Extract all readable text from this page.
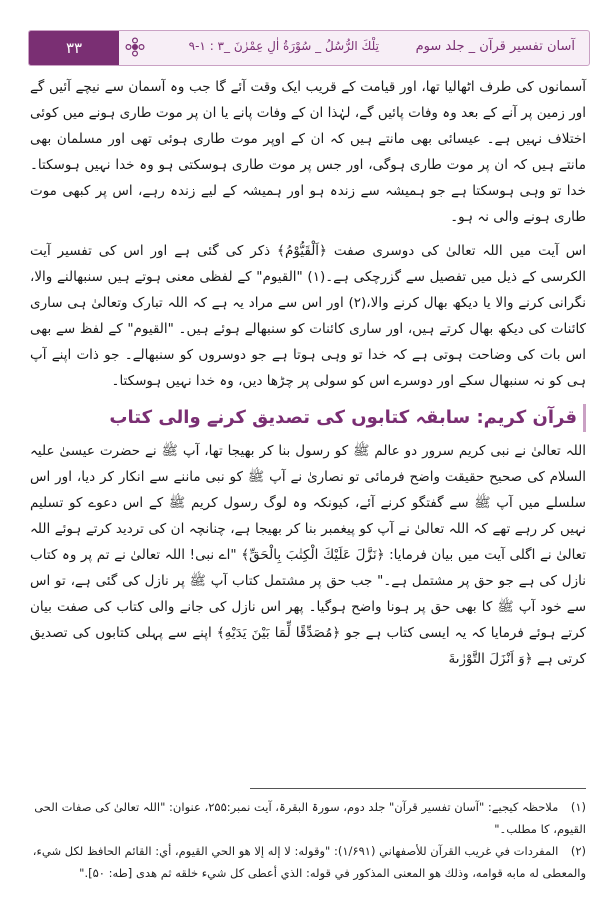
آسان تفسیر قرآن _ جلد سوم
تِلْكَ الرُّسُلُ _ سُوْرَةُ اٰلِ عِمْرٰنَ _۳ : ۱-۹
۳۳

آسمانوں کی طرف اٹھالیا تھا، اور قیامت کے قریب ایک وقت آئے گا جب وہ آسمان سے نیچے آئیں گے اور زمین پر آنے کے بعد وہ وفات پائیں گے، لہٰذا ان کے وفات پانے یا ان پر موت طاری ہونے میں کوئی اختلاف نہیں ہے۔ عیسائی بھی مانتے ہیں کہ ان کے اوپر موت طاری ہوئی تھی اور مسلمان بھی مانتے ہیں کہ ان پر موت طاری ہوگی، اور جس پر موت طاری ہوسکتی ہو وہ خدا نہیں ہوسکتا۔ خدا تو وہی ہوسکتا ہے جو ہمیشہ سے زندہ ہو اور ہمیشہ کے لیے زندہ رہے، اس پر کبھی موت طاری ہونے والی نہ ہو۔

اس آیت میں اللہ تعالیٰ کی دوسری صفت ﴿اَلْقَیُّوْمُ﴾ ذکر کی گئی ہے اور اس کی تفسیر آیت الکرسی کے ذیل میں تفصیل سے گزرچکی ہے۔(۱) "القیوم" کے لفظی معنی ہوتے ہیں سنبھالنے والا، نگرانی کرنے والا یا دیکھ بھال کرنے والا،(۲) اور اس سے مراد یہ ہے کہ اللہ تبارک وتعالیٰ ہی ساری کائنات کی دیکھ بھال کرتے ہیں، اور ساری کائنات کو سنبھالے ہوئے ہیں۔ "القیوم" کے لفظ سے بھی اس بات کی وضاحت ہوتی ہے کہ خدا تو وہی ہوتا ہے جو دوسروں کو سنبھالے۔ جو ذات اپنے آپ ہی کو نہ سنبھال سکے اور دوسرے اس کو سولی پر چڑھا دیں، وہ خدا نہیں ہوسکتا۔

قرآن کریم: سابقہ کتابوں کی تصدیق کرنے والی کتاب

اللہ تعالیٰ نے نبی کریم سرور دو عالم ﷺ کو رسول بنا کر بھیجا تھا، آپ ﷺ نے حضرت عیسیٰ علیہ السلام کی صحیح حقیقت واضح فرمائی تو نصاریٰ نے آپ ﷺ کو نبی ماننے سے انکار کر دیا، اور اس سلسلے میں آپ ﷺ سے گفتگو کرنے آئے، کیونکہ وہ لوگ رسول کریم ﷺ کے اس دعوے کو تسلیم نہیں کر رہے تھے کہ اللہ تعالیٰ نے آپ کو پیغمبر بنا کر بھیجا ہے، چنانچہ ان کی تردید کرتے ہوئے اللہ تعالیٰ نے اگلی آیت میں بیان فرمایا: ﴿نَزَّلَ عَلَيْكَ الْكِتٰبَ بِالْحَقِّ﴾ "اے نبی! اللہ تعالیٰ نے تم پر وہ کتاب نازل کی ہے جو حق پر مشتمل ہے۔" جب حق پر مشتمل کتاب آپ ﷺ پر نازل کی گئی ہے، تو اس سے خود آپ ﷺ کا بھی حق پر ہونا واضح ہوگیا۔ پھر اس نازل کی جانے والی کتاب کی صفت بیان کرتے ہوئے فرمایا کہ یہ ایسی کتاب ہے جو ﴿مُصَدِّقًا لِّمَا بَیْنَ یَدَیْهِ﴾ اپنے سے پہلی کتابوں کی تصدیق کرتی ہے ﴿وَ اَنْزَلَ التَّوْرٰىةَ

(۱) ملاحظہ کیجیے: "آسان تفسیر قرآن" جلد دوم، سورۃ البقرۃ، آیت نمبر:۲۵۵، عنوان: "اللہ تعالیٰ کی صفات الحی القیوم، کا مطلب۔"

(۲) المفردات في غريب القرآن للأصفهاني (۱/۶۹۱): "وقوله: لا إله إلا هو الحي القيوم، أي: القائم الحافظ لكل شيء، والمعطى له مابه قوامه، وذلك هو المعنى المذكور في قوله: الذي أعطى كل شيء خلقه ثم هدى [طه: ۵۰]."
